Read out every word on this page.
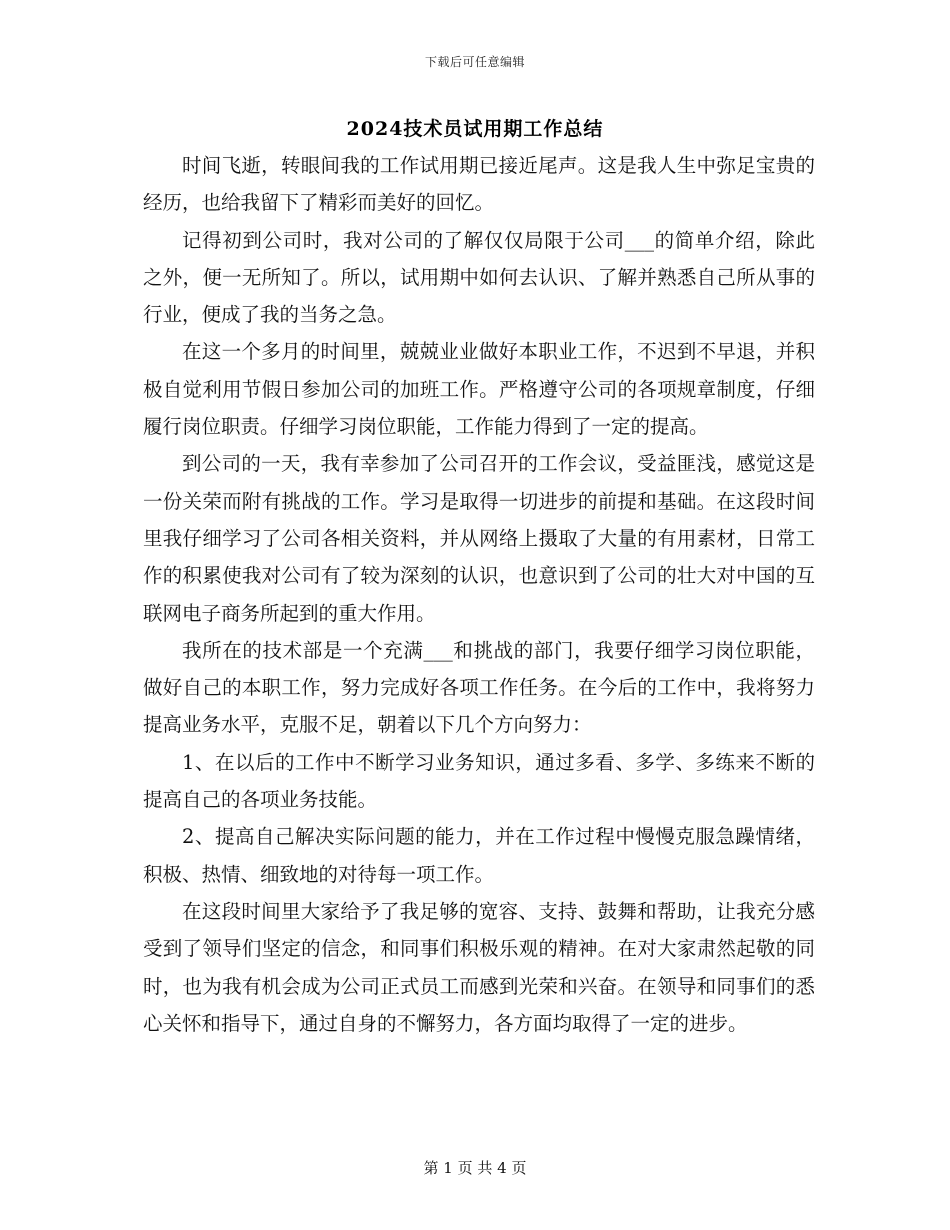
下载后可任意编辑
2024技术员试用期工作总结

时间飞逝，转眼间我的工作试用期已接近尾声。这是我人生中弥足宝贵的经历，也给我留下了精彩而美好的回忆。

记得初到公司时，我对公司的了解仅仅局限于公司___的简单介绍，除此之外，便一无所知了。所以，试用期中如何去认识、了解并熟悉自己所从事的行业，便成了我的当务之急。

在这一个多月的时间里，兢兢业业做好本职业工作，不迟到不早退，并积极自觉利用节假日参加公司的加班工作。严格遵守公司的各项规章制度，仔细履行岗位职责。仔细学习岗位职能，工作能力得到了一定的提高。

到公司的一天，我有幸参加了公司召开的工作会议，受益匪浅，感觉这是一份关荣而附有挑战的工作。学习是取得一切进步的前提和基础。在这段时间里我仔细学习了公司各相关资料，并从网络上摄取了大量的有用素材，日常工作的积累使我对公司有了较为深刻的认识，也意识到了公司的壮大对中国的互联网电子商务所起到的重大作用。

我所在的技术部是一个充满___和挑战的部门，我要仔细学习岗位职能，做好自己的本职工作，努力完成好各项工作任务。在今后的工作中，我将努力提高业务水平，克服不足，朝着以下几个方向努力：

1、在以后的工作中不断学习业务知识，通过多看、多学、多练来不断的提高自己的各项业务技能。

2、提高自己解决实际问题的能力，并在工作过程中慢慢克服急躁情绪，积极、热情、细致地的对待每一项工作。

在这段时间里大家给予了我足够的宽容、支持、鼓舞和帮助，让我充分感受到了领导们坚定的信念，和同事们积极乐观的精神。在对大家肃然起敬的同时，也为我有机会成为公司正式员工而感到光荣和兴奋。在领导和同事们的悉心关怀和指导下，通过自身的不懈努力，各方面均取得了一定的进步。

第 1 页 共 4 页
